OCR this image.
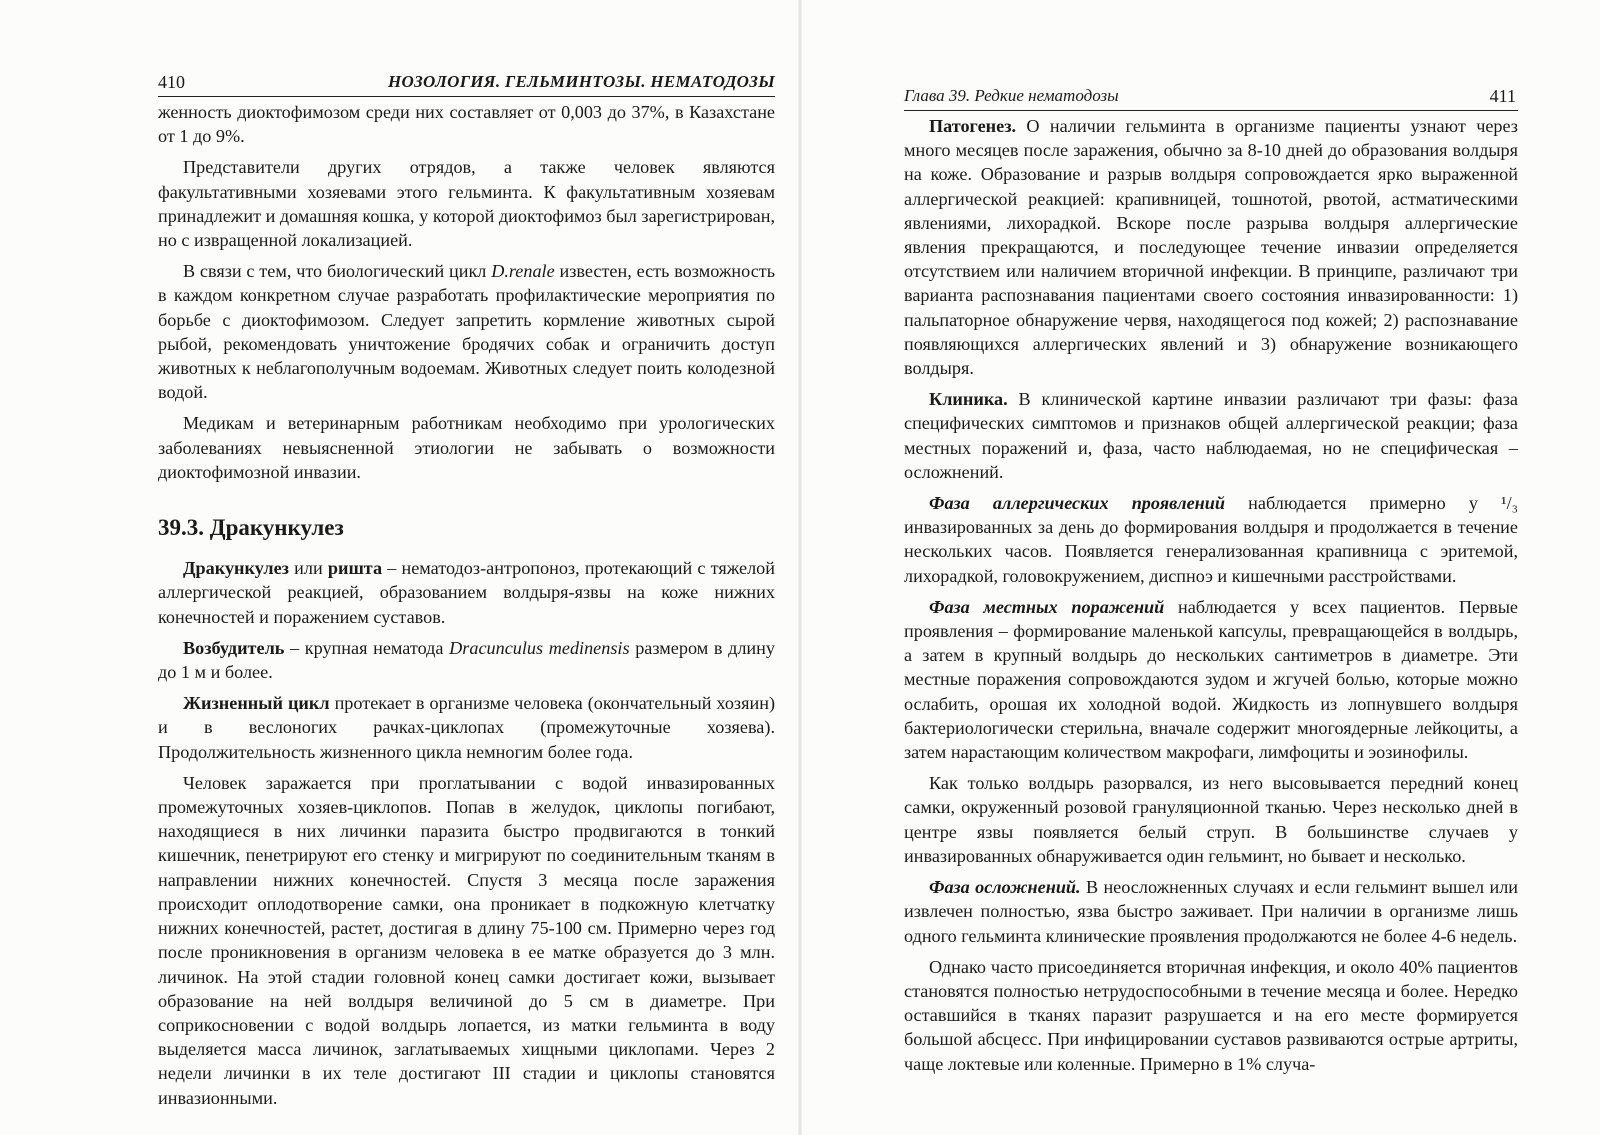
410	НОЗОЛОГИЯ. ГЕЛЬМИНТОЗЫ. НЕМАТОДОЗЫ

женность диоктофимозом среди них составляет от 0,003 до 37%, в Казахстане от 1 до 9%.

Представители других отрядов, а также человек являются факультативными хозяевами этого гельминта. К факультативным хозяевам принадлежит и домашняя кошка, у которой диоктофимоз был зарегистрирован, но с извращенной локализацией.

В связи с тем, что биологический цикл D.renale известен, есть возможность в каждом конкретном случае разработать профилактические мероприятия по борьбе с диоктофимозом. Следует запретить кормление животных сырой рыбой, рекомендовать уничтожение бродячих собак и ограничить доступ животных к неблагополучным водоемам. Животных следует поить колодезной водой.

Медикам и ветеринарным работникам необходимо при урологических заболеваниях невыясненной этиологии не забывать о возможности диоктофимозной инвазии.

39.3. Дракункулез

Дракункулез или ришта – нематодоз-антропоноз, протекающий с тяжелой аллергической реакцией, образованием волдыря-язвы на коже нижних конечностей и поражением суставов.

Возбудитель – крупная нематода Dracunculus medinensis размером в длину до 1 м и более.

Жизненный цикл протекает в организме человека (окончательный хозяин) и в веслоногих рачках-циклопах (промежуточные хозяева). Продолжительность жизненного цикла немногим более года.

Человек заражается при проглатывании с водой инвазированных промежуточных хозяев-циклопов. Попав в желудок, циклопы погибают, находящиеся в них личинки паразита быстро продвигаются в тонкий кишечник, пенетрируют его стенку и мигрируют по соединительным тканям в направлении нижних конечностей. Спустя 3 месяца после заражения происходит оплодотворение самки, она проникает в подкожную клетчатку нижних конечностей, растет, достигая в длину 75-100 см. Примерно через год после проникновения в организм человека в ее матке образуется до 3 млн. личинок. На этой стадии головной конец самки достигает кожи, вызывает образование на ней волдыря величиной до 5 см в диаметре. При соприкосновении с водой волдырь лопается, из матки гельминта в воду выделяется масса личинок, заглатываемых хищными циклопами. Через 2 недели личинки в их теле достигают III стадии и циклопы становятся инвазионными.

Глава 39. Редкие нематодозы	411

Патогенез. О наличии гельминта в организме пациенты узнают через много месяцев после заражения, обычно за 8-10 дней до образования волдыря на коже. Образование и разрыв волдыря сопровождается ярко выраженной аллергической реакцией: крапивницей, тошнотой, рвотой, астматическими явлениями, лихорадкой. Вскоре после разрыва волдыря аллергические явления прекращаются, и последующее течение инвазии определяется отсутствием или наличием вторичной инфекции. В принципе, различают три варианта распознавания пациентами своего состояния инвазированности: 1) пальпаторное обнаружение червя, находящегося под кожей; 2) распознавание появляющихся аллергических явлений и 3) обнаружение возникающего волдыря.

Клиника. В клинической картине инвазии различают три фазы: фаза специфических симптомов и признаков общей аллергической реакции; фаза местных поражений и, фаза, часто наблюдаемая, но не специфическая – осложнений.

Фаза аллергических проявлений наблюдается примерно у ¹/₃ инвазированных за день до формирования волдыря и продолжается в течение нескольких часов. Появляется генерализованная крапивница с эритемой, лихорадкой, головокружением, диспноэ и кишечными расстройствами.

Фаза местных поражений наблюдается у всех пациентов. Первые проявления – формирование маленькой капсулы, превращающейся в волдырь, а затем в крупный волдырь до нескольких сантиметров в диаметре. Эти местные поражения сопровождаются зудом и жгучей болью, которые можно ослабить, орошая их холодной водой. Жидкость из лопнувшего волдыря бактериологически стерильна, вначале содержит многоядерные лейкоциты, а затем нарастающим количеством макрофаги, лимфоциты и эозинофилы.

Как только волдырь разорвался, из него высовывается передний конец самки, окруженный розовой грануляционной тканью. Через несколько дней в центре язвы появляется белый струп. В большинстве случаев у инвазированных обнаруживается один гельминт, но бывает и несколько.

Фаза осложнений. В неосложненных случаях и если гельминт вышел или извлечен полностью, язва быстро заживает. При наличии в организме лишь одного гельминта клинические проявления продолжаются не более 4-6 недель.

Однако часто присоединяется вторичная инфекция, и около 40% пациентов становятся полностью нетрудоспособными в течение месяца и более. Нередко оставшийся в тканях паразит разрушается и на его месте формируется большой абсцесс. При инфицировании суставов развиваются острые артриты, чаще локтевые или коленные. Примерно в 1% случа-
